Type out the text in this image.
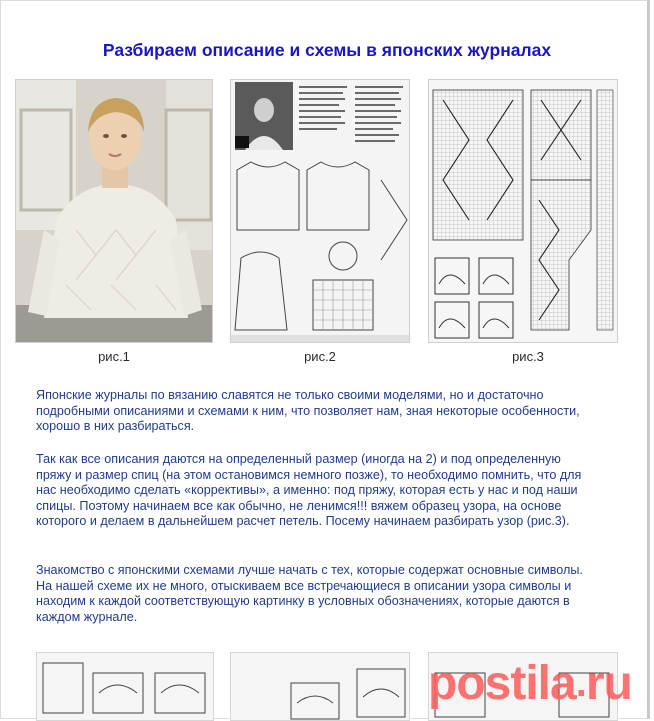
Разбираем описание и схемы в японских журналах
рис.1	рис.2	рис.3
Японские журналы по вязанию славятся не только своими моделями, но и достаточно подробными описаниями и схемами к ним, что позволяет нам, зная некоторые особенности, хорошо в них разбираться.
Так как все описания даются на определенный размер (иногда на 2) и под определенную пряжу и размер спиц (на этом остановимся немного позже), то необходимо помнить, что для нас необходимо сделать «коррективы», а именно: под пряжу, которая есть у нас и под наши спицы. Поэтому начинаем все как обычно, не ленимся!!! вяжем образец узора, на основе которого и делаем в дальнейшем расчет петель. Посему начинаем разбирать узор (рис.3).
Знакомство с японскими схемами лучше начать с тех, которые содержат основные символы. На нашей схеме их не много, отыскиваем все встречающиеся в описании узора символы и находим к каждой соответствующую картинку в условных обозначениях, которые даются в каждом журнале.
postila . ru
